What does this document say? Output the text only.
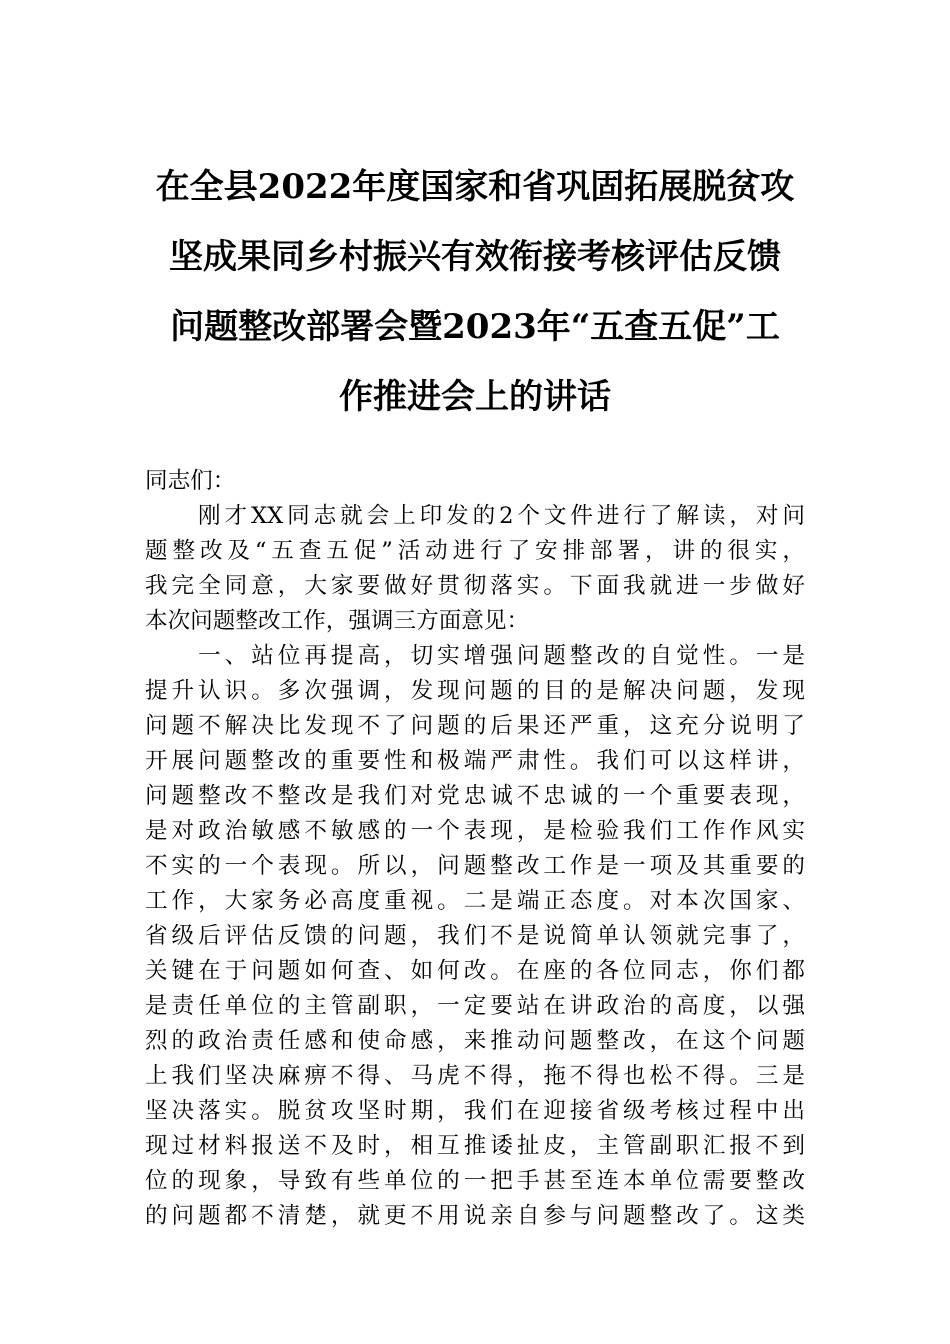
在全县2022年度国家和省巩固拓展脱贫攻
坚成果同乡村振兴有效衔接考核评估反馈
问题整改部署会暨2023年“五查五促”工
作推进会上的讲话
同志们：
　　刚才XX同志就会上印发的2个文件进行了解读，对问
题整改及“五查五促”活动进行了安排部署，讲的很实，
我完全同意，大家要做好贯彻落实。下面我就进一步做好
本次问题整改工作，强调三方面意见：
　　一、站位再提高，切实增强问题整改的自觉性。一是
提升认识。多次强调，发现问题的目的是解决问题，发现
问题不解决比发现不了问题的后果还严重，这充分说明了
开展问题整改的重要性和极端严肃性。我们可以这样讲，
问题整改不整改是我们对党忠诚不忠诚的一个重要表现，
是对政治敏感不敏感的一个表现，是检验我们工作作风实
不实的一个表现。所以，问题整改工作是一项及其重要的
工作，大家务必高度重视。二是端正态度。对本次国家、
省级后评估反馈的问题，我们不是说简单认领就完事了，
关键在于问题如何查、如何改。在座的各位同志，你们都
是责任单位的主管副职，一定要站在讲政治的高度，以强
烈的政治责任感和使命感，来推动问题整改，在这个问题
上我们坚决麻痹不得、马虎不得，拖不得也松不得。三是
坚决落实。脱贫攻坚时期，我们在迎接省级考核过程中出
现过材料报送不及时，相互推诿扯皮，主管副职汇报不到
位的现象，导致有些单位的一把手甚至连本单位需要整改
的问题都不清楚，就更不用说亲自参与问题整改了。这类
